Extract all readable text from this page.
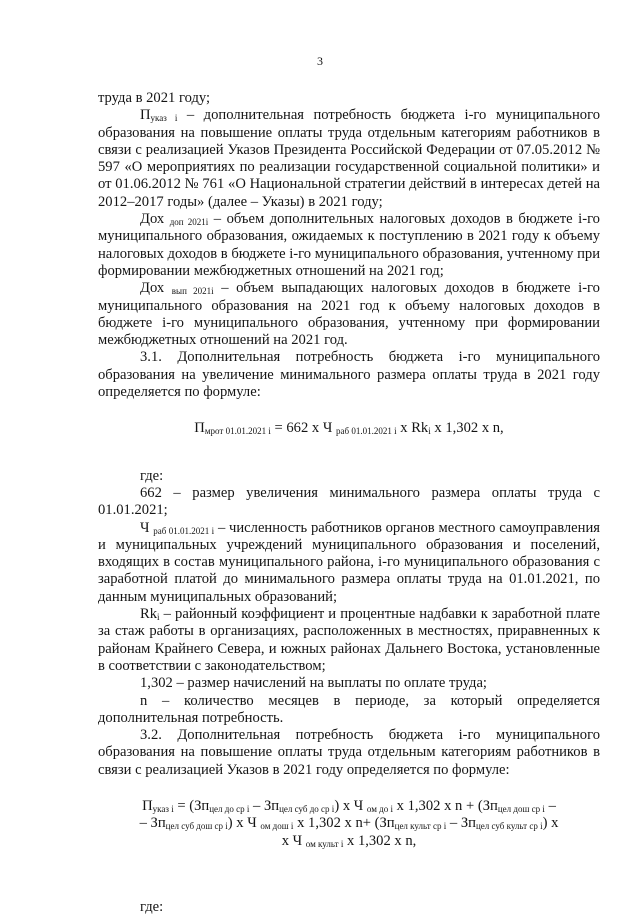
3

труда в 2021 году;

$П_{указ i}$ – дополнительная потребность бюджета i-го муниципального образования на повышение оплаты труда отдельным категориям работников в связи с реализацией Указов Президента Российской Федерации от 07.05.2012 № 597 «О мероприятиях по реализации государственной социальной политики» и от 01.06.2012 № 761 «О Национальной стратегии действий в интересах детей на 2012–2017 годы» (далее – Указы) в 2021 году;

Дох $_{доп 2021i}$ – объем дополнительных налоговых доходов в бюджете i-го муниципального образования, ожидаемых к поступлению в 2021 году к объему налоговых доходов в бюджете i-го муниципального образования, учтенному при формировании межбюджетных отношений на 2021 год;

Дох $_{вып 2021i}$ – объем выпадающих налоговых доходов в бюджете i-го муниципального образования на 2021 год к объему налоговых доходов в бюджете i-го муниципального образования, учтенному при формировании межбюджетных отношений на 2021 год.

3.1. Дополнительная потребность бюджета i-го муниципального образования на увеличение минимального размера оплаты труда в 2021 году определяется по формуле:

$П_{мрот 01.01.2021 i} = 662$ x Ч $_{раб 01.01.2021 i}$ x $Rk_i$ x 1,302 x n,

где:

662 – размер увеличения минимального размера оплаты труда с 01.01.2021;

Ч $_{раб 01.01.2021 i}$ – численность работников органов местного самоуправления и муниципальных учреждений муниципального образования и поселений, входящих в состав муниципального района, i-го муниципального образования с заработной платой до минимального размера оплаты труда на 01.01.2021, по данным муниципальных образований;

$Rk_i$ – районный коэффициент и процентные надбавки к заработной плате за стаж работы в организациях, расположенных в местностях, приравненных к районам Крайнего Севера, и южных районах Дальнего Востока, установленные в соответствии с законодательством;

1,302 – размер начислений на выплаты по оплате труда;

n – количество месяцев в периоде, за который определяется дополнительная потребность.

3.2. Дополнительная потребность бюджета i-го муниципального образования на повышение оплаты труда отдельным категориям работников в связи с реализацией Указов в 2021 году определяется по формуле:

$П_{указ i} = (Зп_{цел до ср i} - Зп_{цел суб до ср i})$ x Ч $_{ом до i}$ x 1,302 x $n + (Зп_{цел дош ср i}$ –

– $Зп_{цел суб дош ср i}$) x Ч $_{ом дош i}$ x 1,302 x $n+ (Зп_{цел культ ср i} - Зп_{цел суб культ ср i})$ x

x Ч $_{ом культ i}$ x 1,302 x n,

где:
